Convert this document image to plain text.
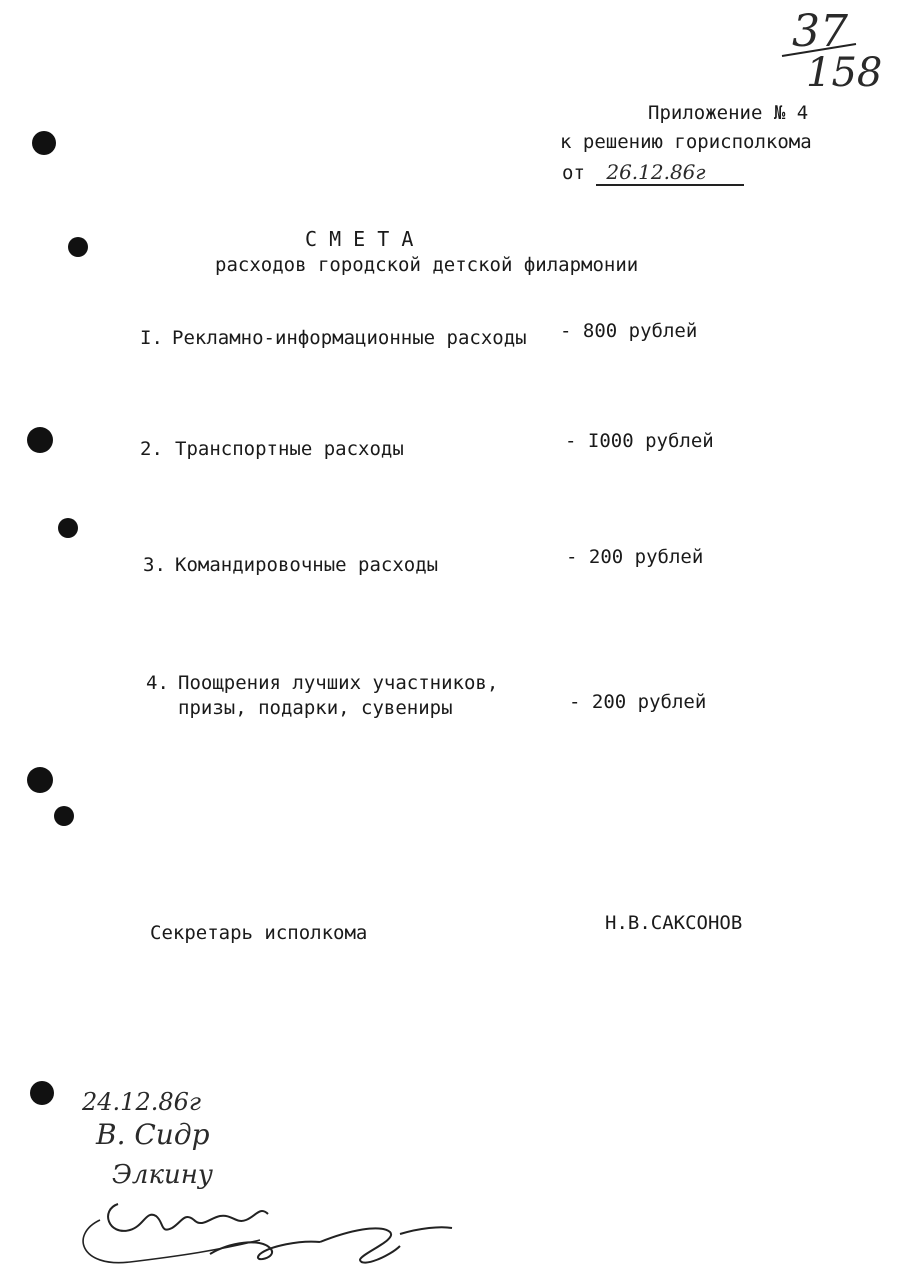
37
158
Приложение № 4
к решению горисполкома
от 26.12.86г
С М Е Т А
расходов городской детской филармонии
I. Рекламно-информационные расходы - 800 рублей
2. Транспортные расходы	- I000 рублей
3. Командировочные расходы	- 200 рублей
4. Поощрения лучших участников,
призы, подарки, сувениры	- 200 рублей
Секретарь исполкома	Н.В.САКСОНОВ
24.12.86г
В. Сидр
Элкину
